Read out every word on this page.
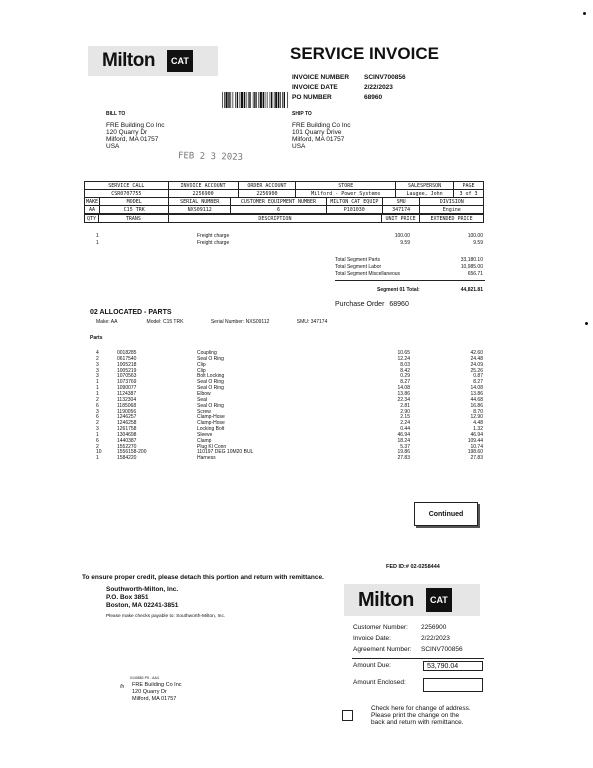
Milton	CAT	SERVICE INVOICE
INVOICE NUMBER SCINV700856
INVOICE DATE	2/22/2023
PO NUMBER	68960
BILL TO
FRE Building Co Inc
120 Quarry Dr
Milford, MA 01757
USA
SHIP TO
FRE Building Co Inc
101 Quarry Drive
Milford, MA 01757
USA
FEB 2 3 2023
SERVICE CALL	INVOICE ACCOUNT	ORDER ACCOUNT	STORE	SALESPERSON	PAGE
CSR0707755	2256900	2256900	Milford - Power Systems	Laugee, John	3 of 3
MAKE	MODEL	SERIAL NUMBER	CUSTOMER EQUIPMENT NUMBER	MILTON CAT EQUIP	SMU	DIVISION
AA	C15 TRK	NXS09112	6	P101030	347174	Engine
QTY	TRANS	DESCRIPTION	UNIT PRICE	EXTENDED PRICE
1	Freight charge	100.00	100.00
1	Freight charge	9.59	9.59
Total Segment Parts	33,180.10
Total Segment Labor	10,985.00
Total Segment Miscellaneous	656.71
Segment 01 Total:	44,821.81
Purchase Order 68960
02 ALLOCATED - PARTS
Make: AA	Model: C15 TRK	Serial Number: NXS09112	SMU: 347174
Parts
4	0018285	Coupling	10.65	42.60
2	0617540	Seal O Ring	12.24	24.48
3	1005218	Clip	8.03	24.09
3	1005219	Clip	8.42	25.26
3	1070563	Bolt Locking	0.29	0.87
1	1073769	Seal O Ring	8.27	8.27
1	1090077	Seal O Ring	14.08	14.08
1	1124387	Elbow	13.86	13.86
2	1132304	Seal	22.34	44.68
6	1185068	Seal O Ring	2.81	16.86
3	1190056	Screw	2.90	8.70
6	1246257	Clamp-Hose	2.15	12.90
2	1246258	Clamp-Hose	2.24	4.48
3	1261758	Locking Bolt	0.44	1.32
1	1304698	Sleeve	46.94	46.94
6	1440387	Clamp	18.24	109.44
2	1552270	Plug Kl Conn	5.37	10.74
10	1556158-200	110197 DEG 10M20 BUL	19.86	198.60
1	1584220	Harness	27.83	27.83
Continued
FED ID:# 02-0258444
To ensure proper credit, please detach this portion and return with remittance.
Southworth-Milton, Inc.
P.O. Box 3851
Boston, MA 02241-3851
Please make checks payable to: Southworth-Milton, Inc.
Milton	CAT
Customer Number: 2256900
Invoice Date:	2/22/2023
Agreement Number: SCINV700856
Amount Due:	53,790.04
Amount Enclosed:
Check here for change of address.
Please print the change on the
back and return with remittance.
0140882 PS - AA4
/h FRE Building Co Inc
120 Quarry Dr
Milford, MA 01757
